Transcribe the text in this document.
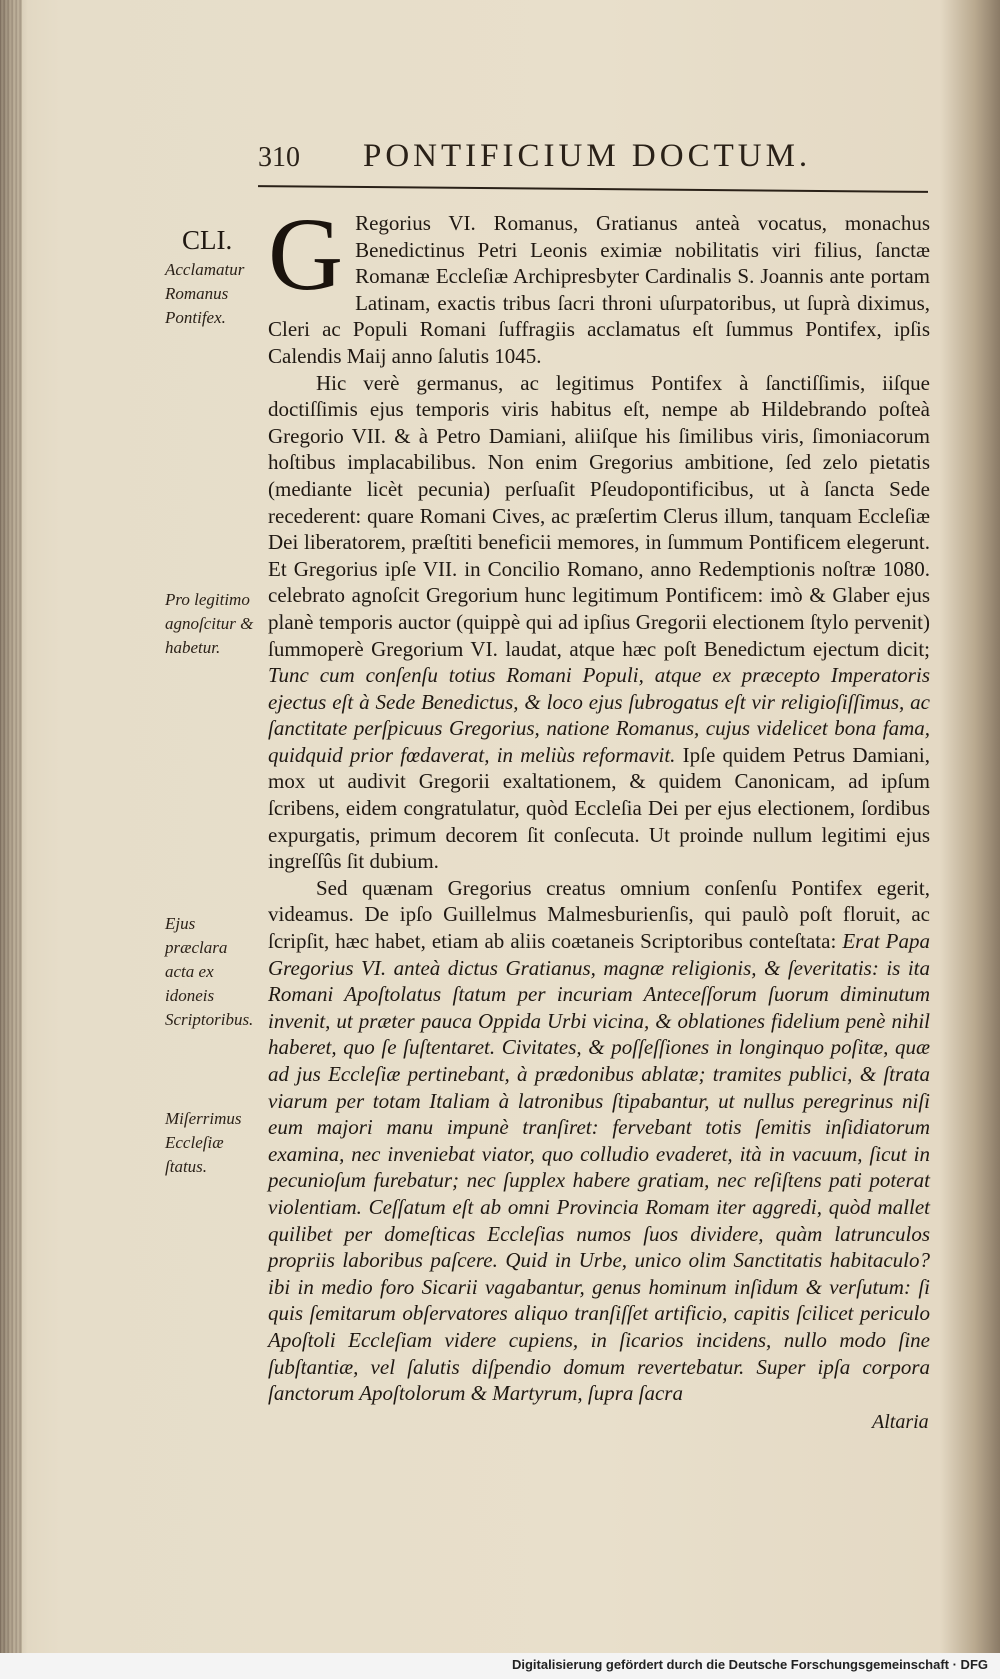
310 PONTIFICIUM DOCTUM.
CLI.
Acclamatur Romanus Pontifex.
Pro legitimo agnoſcitur & habetur.
Ejus præclara acta ex idoneis Scriptoribus.
Miſerrimus Eccleſiæ ſtatus.

G Regorius VI. Romanus, Gratianus anteà vocatus, monachus Benedictinus Petri Leonis eximiæ nobilitatis viri filius, ſanctæ Romanæ Eccleſiæ Archipresbyter Cardinalis S. Joannis ante portam Latinam, exactis tribus ſacri throni uſurpatoribus, ut ſuprà diximus, Cleri ac Populi Romani ſuffragiis acclamatus eſt ſummus Pontifex, ipſis Calendis Maij anno ſalutis 1045.

Hic verè germanus, ac legitimus Pontifex à ſanctiſſimis, iiſque doctiſſimis ejus temporis viris habitus eſt, nempe ab Hildebrando poſteà Gregorio VII. & à Petro Damiani, aliiſque his ſimilibus viris, ſimoniacorum hoſtibus implacabilibus. Non enim Gregorius ambitione, ſed zelo pietatis (mediante licèt pecunia) perſuaſit Pſeudopontificibus, ut à ſancta Sede recederent: quare Romani Cives, ac præſertim Clerus illum, tanquam Eccleſiæ Dei liberatorem, præſtiti beneficii memores, in ſummum Pontificem elegerunt. Et Gregorius ipſe VII. in Concilio Romano, anno Redemptionis noſtræ 1080. celebrato agnoſcit Gregorium hunc legitimum Pontificem: imò & Glaber ejus planè temporis auctor (quippè qui ad ipſius Gregorii electionem ſtylo pervenit) ſummoperè Gregorium VI. laudat, atque hæc poſt Benedictum ejectum dicit; Tunc cum conſenſu totius Romani Populi, atque ex præcepto Imperatoris ejectus eſt à Sede Benedictus, & loco ejus ſubrogatus eſt vir religioſiſſimus, ac ſanctitate perſpicuus Gregorius, natione Romanus, cujus videlicet bona fama, quidquid prior fœdaverat, in meliùs reformavit. Ipſe quidem Petrus Damiani, mox ut audivit Gregorii exaltationem, & quidem Canonicam, ad ipſum ſcribens, eidem congratulatur, quòd Eccleſia Dei per ejus electionem, ſordibus expurgatis, primum decorem ſit conſecuta. Ut proinde nullum legitimi ejus ingreſſûs ſit dubium.

Sed quænam Gregorius creatus omnium conſenſu Pontifex egerit, videamus. De ipſo Guillelmus Malmesburienſis, qui paulò poſt floruit, ac ſcripſit, hæc habet, etiam ab aliis coætaneis Scriptoribus conteſtata: Erat Papa Gregorius VI. anteà dictus Gratianus, magnæ religionis, & ſeveritatis: is ita Romani Apoſtolatus ſtatum per incuriam Anteceſſorum ſuorum diminutum invenit, ut præter pauca Oppida Urbi vicina, & oblationes fidelium penè nihil haberet, quo ſe ſuſtentaret. Civitates, & poſſeſſiones in longinquo poſitæ, quæ ad jus Eccleſiæ pertinebant, à prædonibus ablatæ; tramites publici, & ſtrata viarum per totam Italiam à latronibus ſtipabantur, ut nullus peregrinus niſi eum majori manu impunè tranſiret: fervebant totis ſemitis inſidiatorum examina, nec inveniebat viator, quo colludio evaderet, ità in vacuum, ſicut in pecunioſum furebatur; nec ſupplex habere gratiam, nec reſiſtens pati poterat violentiam. Ceſſatum eſt ab omni Provincia Romam iter aggredi, quòd mallet quilibet per domeſticas Eccleſias numos ſuos dividere, quàm latrunculos propriis laboribus paſcere. Quid in Urbe, unico olim Sanctitatis habitaculo? ibi in medio foro Sicarii vagabantur, genus hominum inſidum & verſutum: ſi quis ſemitarum obſervatores aliquo tranſiſſet artificio, capitis ſcilicet periculo Apoſtoli Eccleſiam videre cupiens, in ſicarios incidens, nullo modo ſine ſubſtantiæ, vel ſalutis diſpendio domum revertebatur. Super ipſa corpora ſanctorum Apoſtolorum & Martyrum, ſupra ſacra

Altaria
Digitalisierung gefördert durch die Deutsche Forschungsgemeinschaft · DFG
